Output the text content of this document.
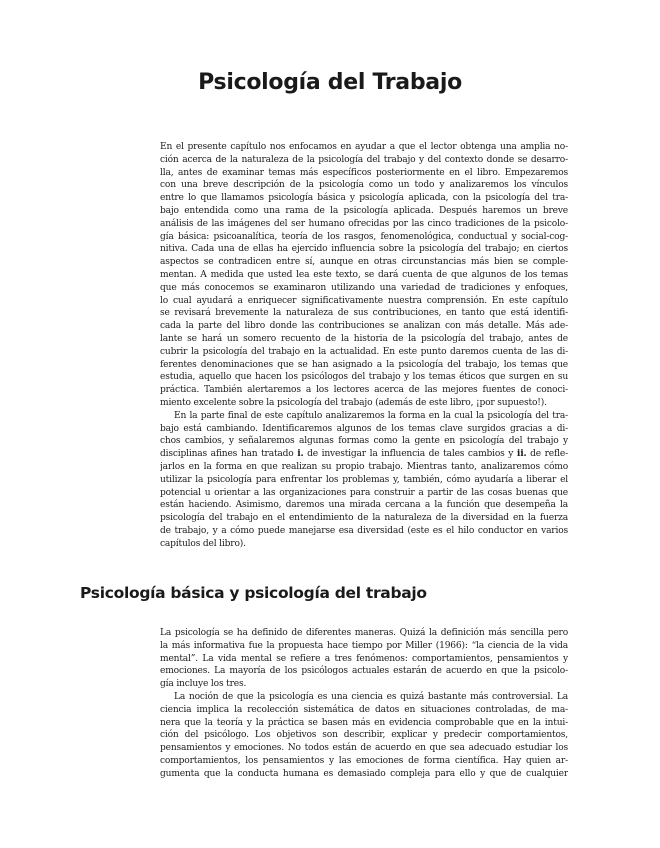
Psicología del Trabajo
En el presente capítulo nos enfocamos en ayudar a que el lector obtenga una amplia no-
ción acerca de la naturaleza de la psicología del trabajo y del contexto donde se desarro-
lla, antes de examinar temas más específicos posteriormente en el libro. Empezaremos
con una breve descripción de la psicología como un todo y analizaremos los vínculos
entre lo que llamamos psicología básica y psicología aplicada, con la psicología del tra-
bajo entendida como una rama de la psicología aplicada. Después haremos un breve
análisis de las imágenes del ser humano ofrecidas por las cinco tradiciones de la psicolo-
gía básica: psicoanalítica, teoría de los rasgos, fenomenológica, conductual y social-cog-
nitiva. Cada una de ellas ha ejercido influencia sobre la psicología del trabajo; en ciertos
aspectos se contradicen entre sí, aunque en otras circunstancias más bien se comple-
mentan. A medida que usted lea este texto, se dará cuenta de que algunos de los temas
que más conocemos se examinaron utilizando una variedad de tradiciones y enfoques,
lo cual ayudará a enriquecer significativamente nuestra comprensión. En este capítulo
se revisará brevemente la naturaleza de sus contribuciones, en tanto que está identifi-
cada la parte del libro donde las contribuciones se analizan con más detalle. Más ade-
lante se hará un somero recuento de la historia de la psicología del trabajo, antes de
cubrir la psicología del trabajo en la actualidad. En este punto daremos cuenta de las di-
ferentes denominaciones que se han asignado a la psicología del trabajo, los temas que
estudia, aquello que hacen los psicólogos del trabajo y los temas éticos que surgen en su
práctica. También alertaremos a los lectores acerca de las mejores fuentes de conoci-
miento excelente sobre la psicología del trabajo (además de este libro, ¡por supuesto!).
En la parte final de este capítulo analizaremos la forma en la cual la psicología del tra-
bajo está cambiando. Identificaremos algunos de los temas clave surgidos gracias a di-
chos cambios, y señalaremos algunas formas como la gente en psicología del trabajo y
disciplinas afines han tratado i. de investigar la influencia de tales cambios y ii. de refle-
jarlos en la forma en que realizan su propio trabajo. Mientras tanto, analizaremos cómo
utilizar la psicología para enfrentar los problemas y, también, cómo ayudaría a liberar el
potencial u orientar a las organizaciones para construir a partir de las cosas buenas que
están haciendo. Asimismo, daremos una mirada cercana a la función que desempeña la
psicología del trabajo en el entendimiento de la naturaleza de la diversidad en la fuerza
de trabajo, y a cómo puede manejarse esa diversidad (este es el hilo conductor en varios
capítulos del libro).
Psicología básica y psicología del trabajo
La psicología se ha definido de diferentes maneras. Quizá la definición más sencilla pero
la más informativa fue la propuesta hace tiempo por Miller (1966): “la ciencia de la vida
mental”. La vida mental se refiere a tres fenómenos: comportamientos, pensamientos y
emociones. La mayoría de los psicólogos actuales estarán de acuerdo en que la psicolo-
gía incluye los tres.
La noción de que la psicología es una ciencia es quizá bastante más controversial. La
ciencia implica la recolección sistemática de datos en situaciones controladas, de ma-
nera que la teoría y la práctica se basen más en evidencia comprobable que en la intui-
ción del psicólogo. Los objetivos son describir, explicar y predecir comportamientos,
pensamientos y emociones. No todos están de acuerdo en que sea adecuado estudiar los
comportamientos, los pensamientos y las emociones de forma científica. Hay quien ar-
gumenta que la conducta humana es demasiado compleja para ello y que de cualquier
